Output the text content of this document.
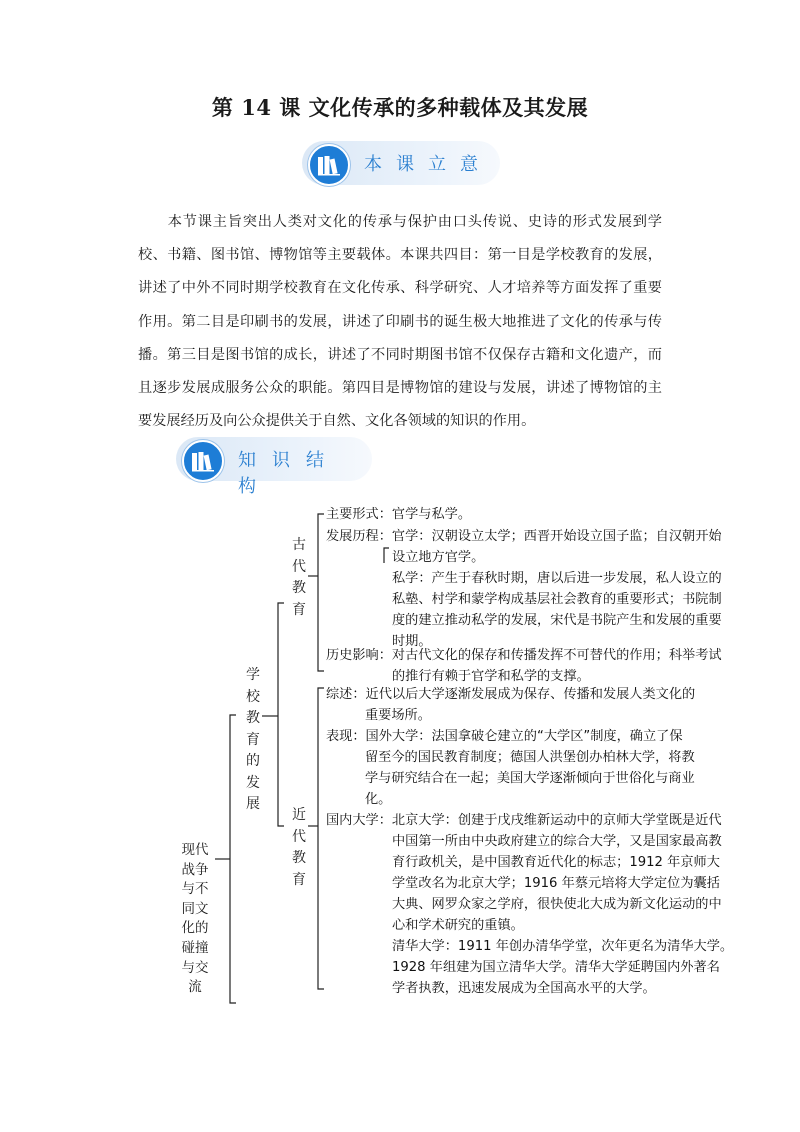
第 14 课 文化传承的多种载体及其发展
本课立意
本节课主旨突出人类对文化的传承与保护由口头传说、史诗的形式发展到学校、书籍、图书馆、博物馆等主要载体。本课共四目：第一目是学校教育的发展，讲述了中外不同时期学校教育在文化传承、科学研究、人才培养等方面发挥了重要作用。第二目是印刷书的发展，讲述了印刷书的诞生极大地推进了文化的传承与传播。第三目是图书馆的成长，讲述了不同时期图书馆不仅保存古籍和文化遗产，而且逐步发展成服务公众的职能。第四目是博物馆的建设与发展，讲述了博物馆的主要发展经历及向公众提供关于自然、文化各领域的知识的作用。
知识结构
现代
战争
与不
同文
化的
碰撞
与交
流
学
校
教
育
的
发
展
古
代
教
育
近
代
教
育
主要形式：官学与私学。
发展历程：官学：汉朝设立太学；西晋开始设立国子监；自汉朝开始
设立地方官学。
私学：产生于春秋时期，唐以后进一步发展，私人设立的
私塾、村学和蒙学构成基层社会教育的重要形式；书院制
度的建立推动私学的发展，宋代是书院产生和发展的重要
时期。
历史影响：对古代文化的保存和传播发挥不可替代的作用；科举考试
的推行有赖于官学和私学的支撑。
综述：近代以后大学逐渐发展成为保存、传播和发展人类文化的
重要场所。
表现：国外大学：法国拿破仑建立的“大学区”制度，确立了保
留至今的国民教育制度；德国人洪堡创办柏林大学，将教
学与研究结合在一起；美国大学逐渐倾向于世俗化与商业
化。
国内大学：北京大学：创建于戊戌维新运动中的京师大学堂既是近代
中国第一所由中央政府建立的综合大学，又是国家最高教
育行政机关，是中国教育近代化的标志；1912 年京师大
学堂改名为北京大学；1916 年蔡元培将大学定位为囊括
大典、网罗众家之学府，很快使北大成为新文化运动的中
心和学术研究的重镇。
清华大学：1911 年创办清华学堂，次年更名为清华大学。
1928 年组建为国立清华大学。清华大学延聘国内外著名
学者执教，迅速发展成为全国高水平的大学。
